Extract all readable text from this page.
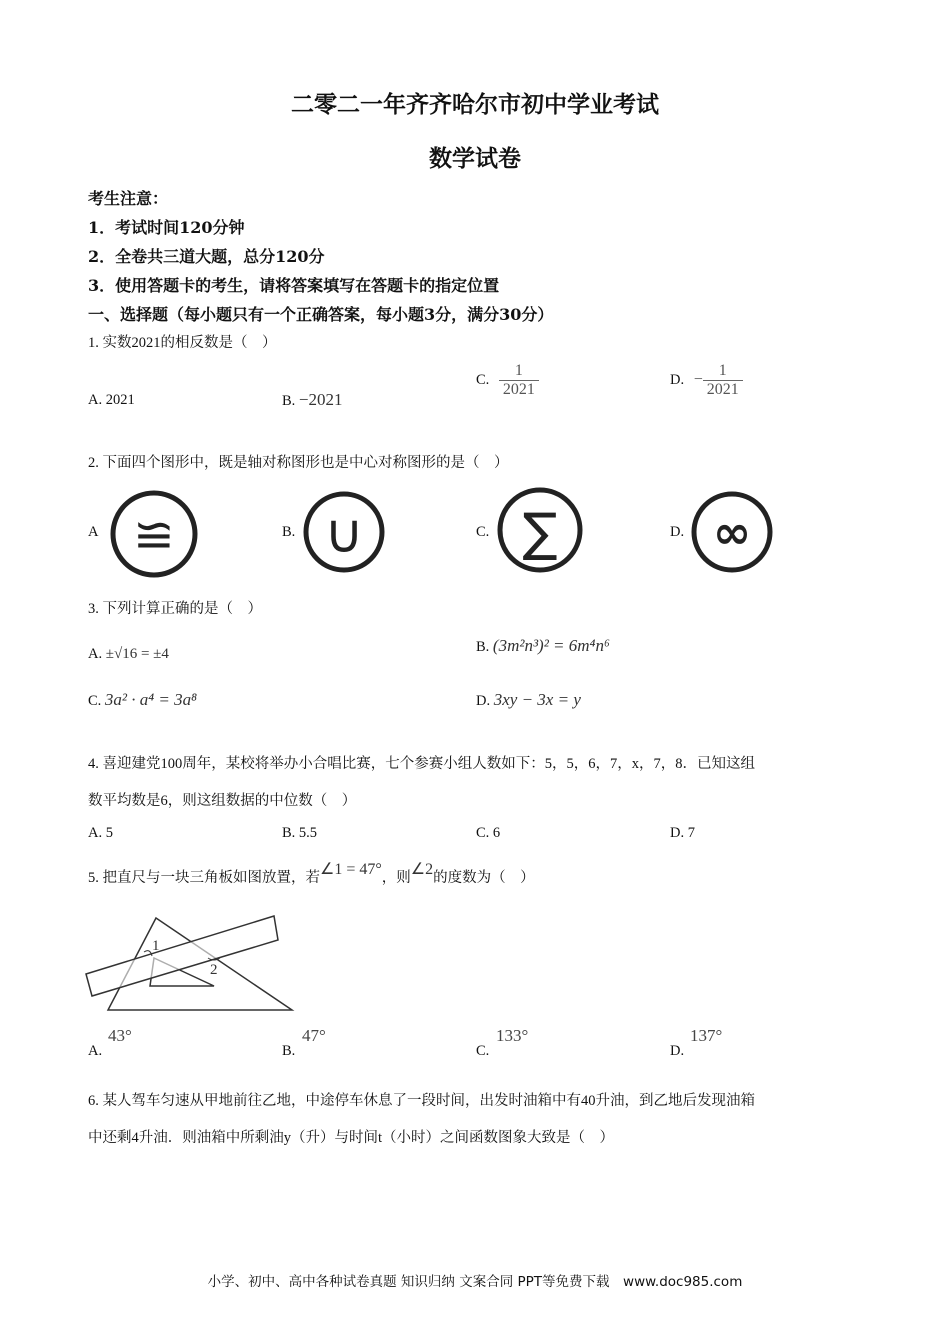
二零二一年齐齐哈尔市初中学业考试
数学试卷
考生注意：
1．考试时间120分钟
2．全卷共三道大题，总分120分
3．使用答题卡的考生，请将答案填写在答题卡的指定位置
一、选择题（每小题只有一个正确答案，每小题3分，满分30分）
1. 实数2021的相反数是（　）
A. 2021	B. −2021
C. $\frac{1}{2021}$	D. − $\frac{1}{2021}$
2. 下面四个图形中，既是轴对称图形也是中心对称图形的是（　）
A ≌	B. ∪	C. ∑	D. ∞
3. 下列计算正确的是（　）
A. ±√16 = ±4	B. (3m²n³)² = 6m⁴n⁶
C. 3a² · a⁴ = 3a⁸	D. 3xy − 3x = y
4. 喜迎建党100周年，某校将举办小合唱比赛，七个参赛小组人数如下：5，5，6，7，x，7，8．已知这组
数平均数是6，则这组数据的中位数（　）
A. 5	B. 5.5	C. 6	D. 7
5. 把直尺与一块三角板如图放置，若∠1 = 47°，则∠2的度数为（　）
1
2
A.
43°
B.
47°
C.
133°
D.
137°
6. 某人驾车匀速从甲地前往乙地，中途停车休息了一段时间，出发时油箱中有40升油，到乙地后发现油箱
中还剩4升油．则油箱中所剩油y（升）与时间t（小时）之间函数图象大致是（　）
小学、初中、高中各种试卷真题 知识归纳 文案合同 PPT等免费下载　www.doc985.com
